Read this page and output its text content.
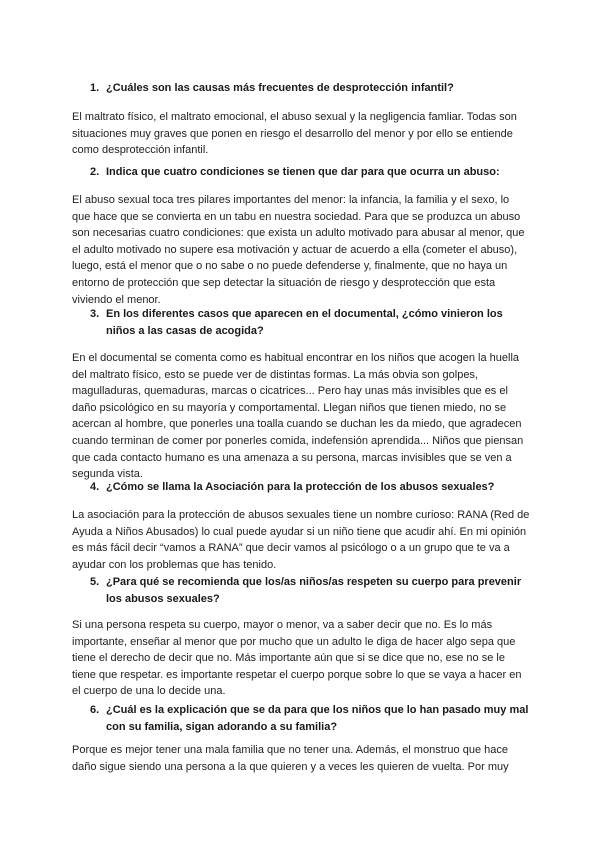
1. ¿Cuáles son las causas más frecuentes de desprotección infantil?
El maltrato físico, el maltrato emocional, el abuso sexual y la negligencia famliar. Todas son situaciones muy graves que ponen en riesgo el desarrollo del menor y por ello se entiende como desprotección infantil.
2. Indica que cuatro condiciones se tienen que dar para que ocurra un abuso:
El abuso sexual toca tres pilares importantes del menor: la infancia, la familia y el sexo, lo que hace que se convierta en un tabu en nuestra sociedad. Para que se produzca un abuso son necesarias cuatro condiciones: que exista un adulto motivado para abusar al menor, que el adulto motivado no supere esa motivación y actuar de acuerdo a ella (cometer el abuso), luego, está el menor que o no sabe o no puede defenderse y, finalmente, que no haya un entorno de protección que sep detectar la situación de riesgo y desprotección que esta viviendo el menor.
3. En los diferentes casos que aparecen en el documental, ¿cómo vinieron los niños a las casas de acogida?
En el documental se comenta como es habitual encontrar en los niños que acogen la huella del maltrato físico, esto se puede ver de distintas formas. La más obvia son golpes, magulladuras, quemaduras, marcas o cicatrices... Pero hay unas más invisibles que es el daño psicológico en su mayoría y comportamental. Llegan niños que tienen miedo, no se acercan al hombre, que ponerles una toalla cuando se duchan les da miedo, que agradecen cuando terminan de comer por ponerles comida, indefensión aprendida... Niños que piensan que cada contacto humano es una amenaza a su persona, marcas invisibles que se ven a segunda vista.
4. ¿Cómo se llama la Asociación para la protección de los abusos sexuales?
La asociación para la protección de abusos sexuales tiene un nombre curioso: RANA (Red de Ayuda a Niños Abusados) lo cual puede ayudar si un niño tiene que acudir ahí. En mi opinión es más fácil decir “vamos a RANA” que decir vamos al psicólogo o a un grupo que te va a ayudar con los problemas que has tenido.
5. ¿Para qué se recomienda que los/as niños/as respeten su cuerpo para prevenir los abusos sexuales?
Si una persona respeta su cuerpo, mayor o menor, va a saber decir que no. Es lo más importante, enseñar al menor que por mucho que un adulto le diga de hacer algo sepa que tiene el derecho de decir que no. Más importante aún que si se dice que no, ese no se le tiene que respetar. es importante respetar el cuerpo porque sobre lo que se vaya a hacer en el cuerpo de una lo decide una.
6. ¿Cuál es la explicación que se da para que los niños que lo han pasado muy mal con su familia, sigan adorando a su familia?
Porque es mejor tener una mala familia que no tener una. Además, el monstruo que hace daño sigue siendo una persona a la que quieren y a veces les quieren de vuelta. Por muy
